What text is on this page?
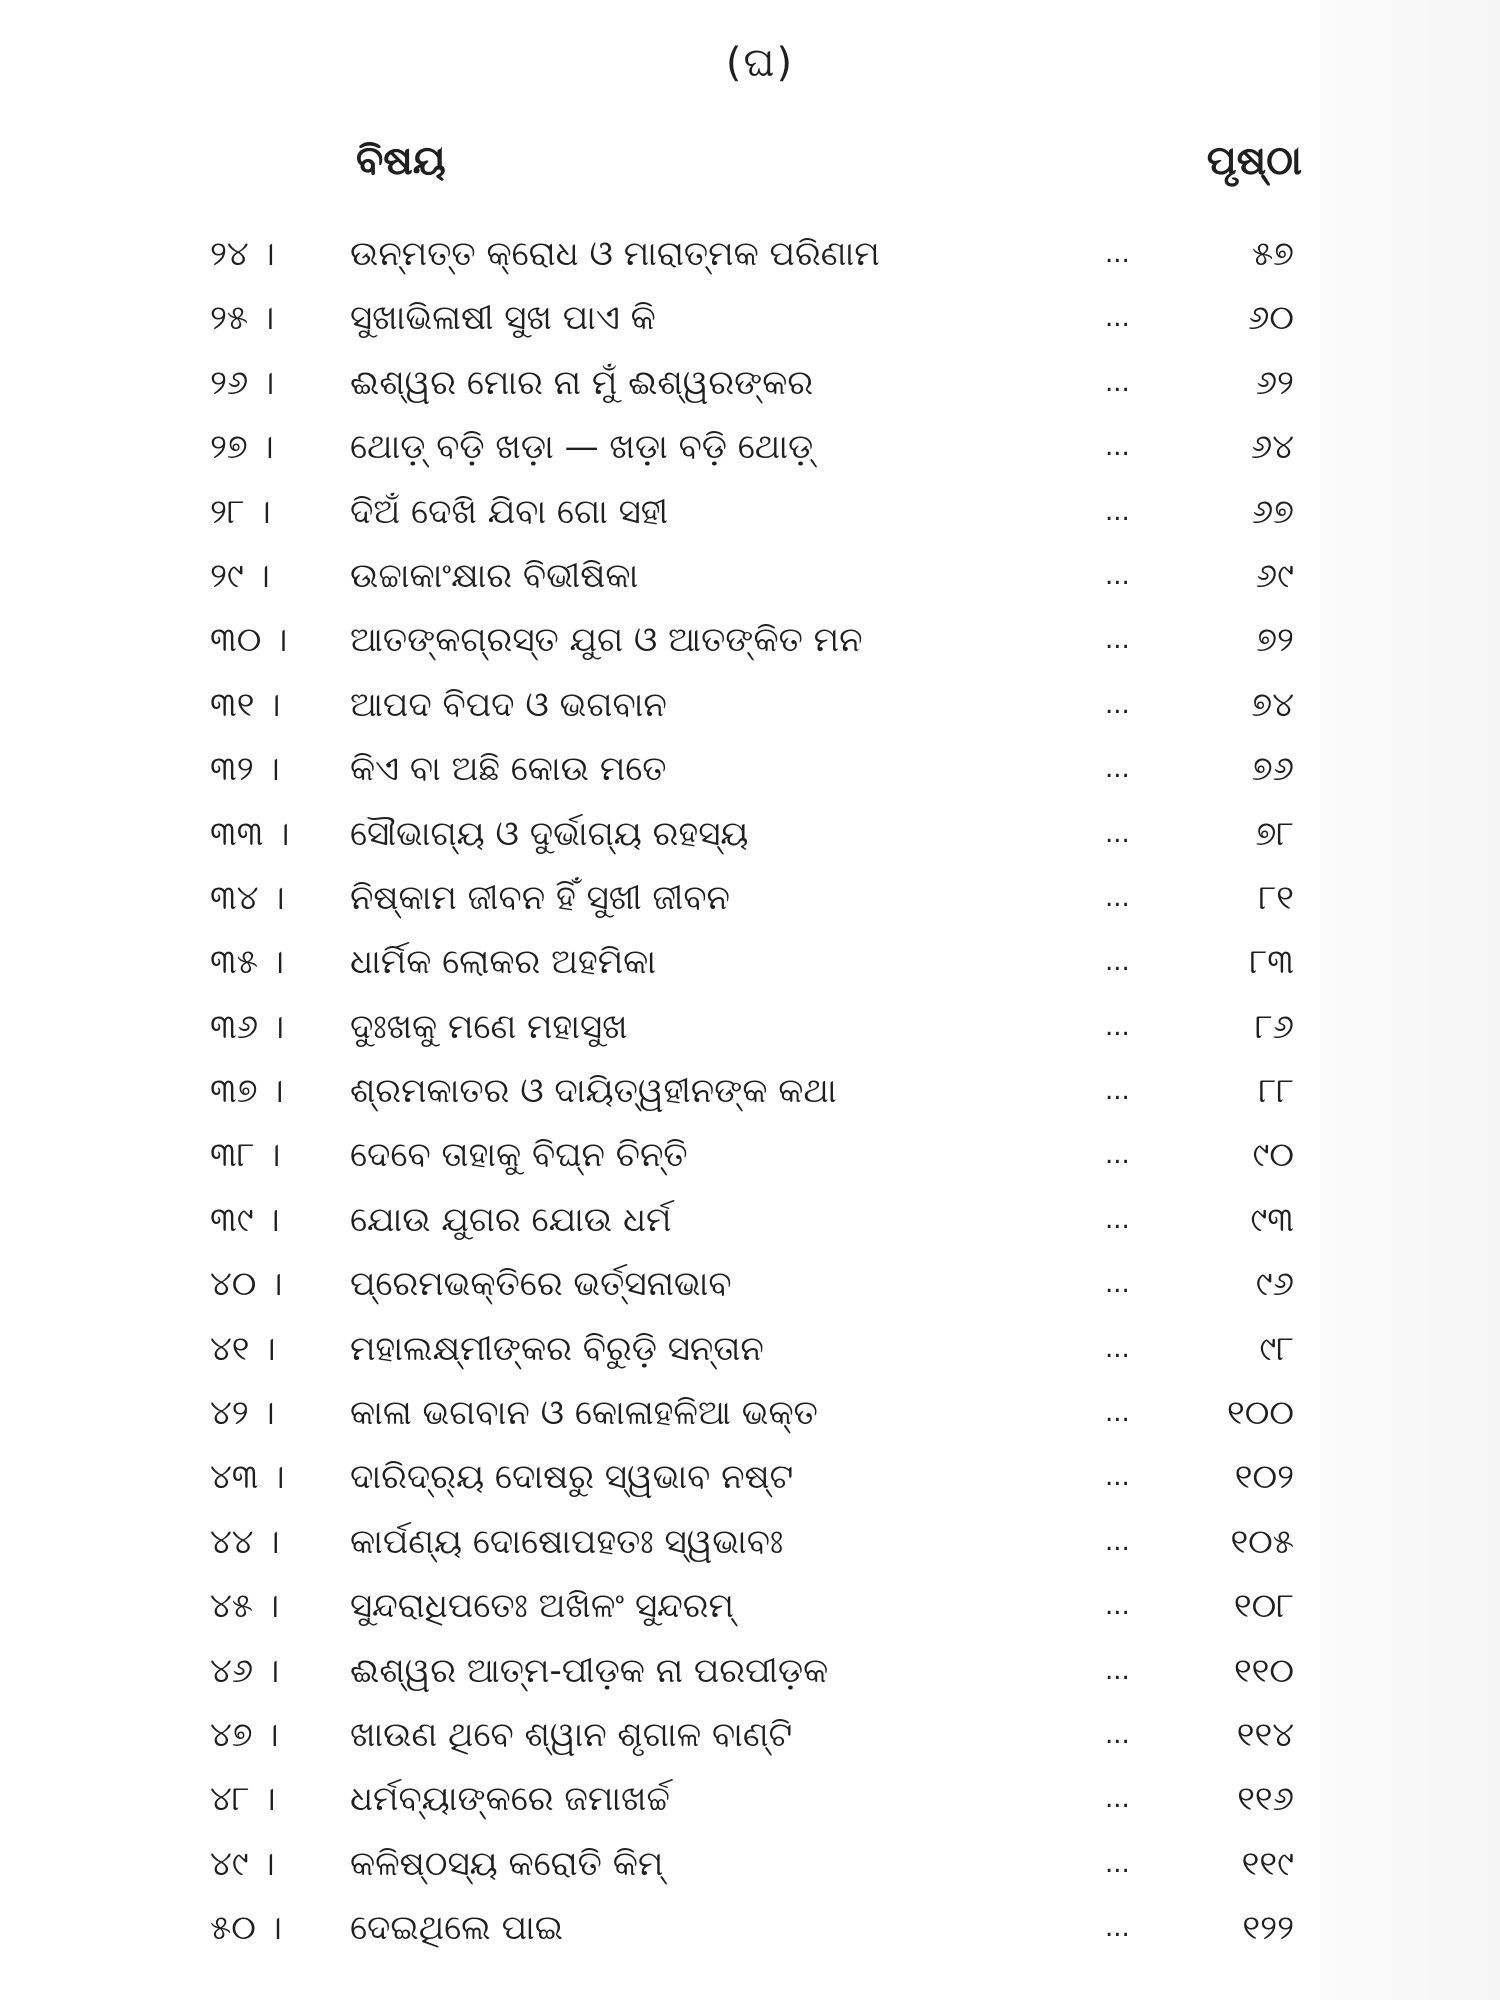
(ଘ)
ବିଷୟ	ପୃଷ୍ଠା
୨୪ ।	ଉନ୍ମତ୍ତ କ୍ରୋଧ ଓ ମାରାତ୍ମକ ପରିଣାମ	...	୫୭
୨୫ ।	ସୁଖାଭିଳାଷୀ ସୁଖ ପାଏ କି	...	୬୦
୨୬ ।	ଈଶ୍ୱର ମୋର ନା ମୁଁ ଈଶ୍ୱରଙ୍କର	...	୬୨
୨୭ ।	ଥୋଡ଼୍ ବଡ଼ି ଖଡ଼ା — ଖଡ଼ା ବଡ଼ି ଥୋଡ଼୍	...	୬୪
୨୮ ।	ଦିଅଁ ଦେଖି ଯିବା ଗୋ ସହୀ	...	୬୭
୨୯ ।	ଉଚ୍ଚାକାଂକ୍ଷାର ବିଭୀଷିକା	...	୬୯
୩୦ ।	ଆତଙ୍କଗ୍ରସ୍ତ ଯୁଗ ଓ ଆତଙ୍କିତ ମନ	...	୭୨
୩୧ ।	ଆପଦ ବିପଦ ଓ ଭଗବାନ	...	୭୪
୩୨ ।	କିଏ ବା ଅଛି କୋଉ ମତେ	...	୭୬
୩୩ ।	ସୌଭାଗ୍ୟ ଓ ଦୁର୍ଭାଗ୍ୟ ରହସ୍ୟ	...	୭୮
୩୪ ।	ନିଷ୍କାମ ଜୀବନ ହିଁ ସୁଖୀ ଜୀବନ	...	୮୧
୩୫ ।	ଧାର୍ମିକ ଲୋକର ଅହମିକା	...	୮୩
୩୬ ।	ଦୁଃଖକୁ ମଣେ ମହାସୁଖ	...	୮୬
୩୭ ।	ଶ୍ରମକାତର ଓ ଦାୟିତ୍ୱହୀନଙ୍କ କଥା	...	୮୮
୩୮ ।	ଦେବେ ତାହାକୁ ବିଘ୍ନ ଚିନ୍ତି	...	୯୦
୩୯ ।	ଯୋଉ ଯୁଗର ଯୋଉ ଧର୍ମ	...	୯୩
୪୦ ।	ପ୍ରେମଭକ୍ତିରେ ଭର୍ତ୍ସନାଭାବ	...	୯୬
୪୧ ।	ମହାଲକ୍ଷ୍ମୀଙ୍କର ବିରୁଡ଼ି ସନ୍ତାନ	...	୯୮
୪୨ ।	କାଳା ଭଗବାନ ଓ କୋଳାହଳିଆ ଭକ୍ତ	...	୧୦୦
୪୩ ।	ଦାରିଦ୍ର୍ୟ ଦୋଷରୁ ସ୍ୱଭାବ ନଷ୍ଟ	...	୧୦୨
୪୪ ।	କାର୍ପଣ୍ୟ ଦୋଷୋପହତଃ ସ୍ୱଭାବଃ	...	୧୦୫
୪୫ ।	ସୁନ୍ଦରାଧିପତେଃ ଅଖିଳଂ ସୁନ୍ଦରମ୍	...	୧୦୮
୪୬ ।	ଈଶ୍ୱର ଆତ୍ମ-ପୀଡ଼କ ନା ପରପୀଡ଼କ	...	୧୧୦
୪୭ ।	ଖାଉଣ ଥିବେ ଶ୍ୱାନ ଶୃଗାଳ ବାଣ୍ଟି	...	୧୧୪
୪୮ ।	ଧର୍ମବ୍ୟାଙ୍କରେ ଜମାଖର୍ଚ୍ଚ	...	୧୧୬
୪୯ ।	କଳିଷ୍ଠସ୍ୟ କରୋତି କିମ୍	...	୧୧୯
୫୦ ।	ଦେଇଥିଲେ ପାଇ	...	୧୨୨
